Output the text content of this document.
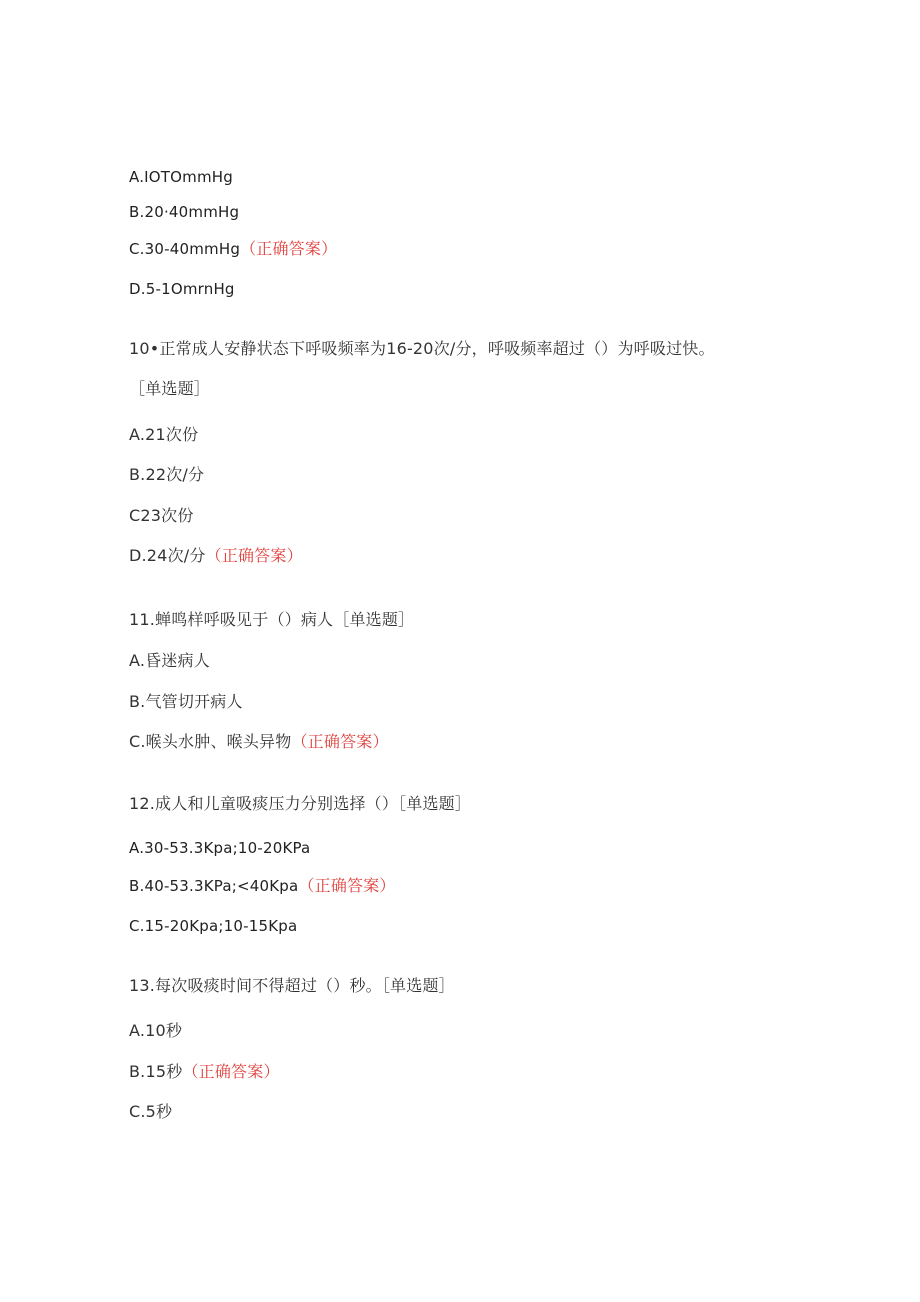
A.IOTOmmHg
B.20·40mmHg
C.30-40mmHg（正确答案）
D.5-1OmrnHg
10•正常成人安静状态下呼吸频率为16-20次/分，呼吸频率超过（）为呼吸过快。
［单选题］
A.21次份
B.22次/分
C23次份
D.24次/分（正确答案）
11.蝉鸣样呼吸见于（）病人［单选题］
A.昏迷病人
B.气管切开病人
C.喉头水肿、喉头异物（正确答案）
12.成人和儿童吸痰压力分别选择（）［单选题］
A.30-53.3Kpa;10-20KPa
B.40-53.3KPa;<40Kpa（正确答案）
C.15-20Kpa;10-15Kpa
13.每次吸痰时间不得超过（）秒。［单选题］
A.10秒
B.15秒（正确答案）
C.5秒
